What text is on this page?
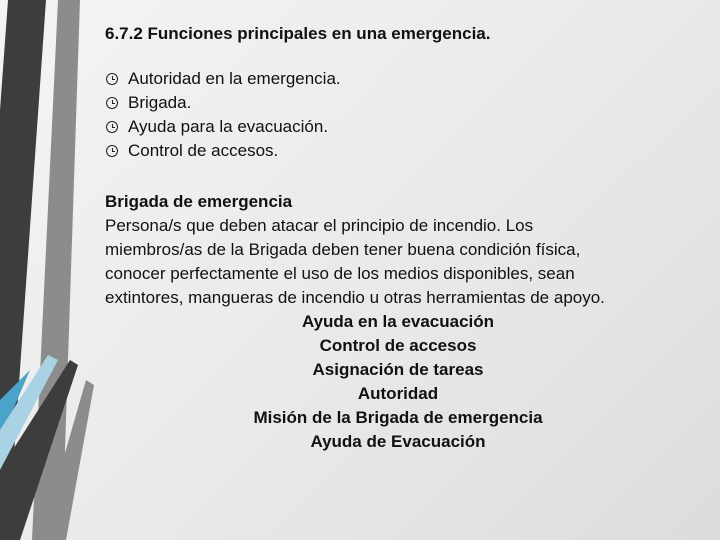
6.7.2 Funciones principales en una emergencia.
Autoridad en la emergencia.
Brigada.
Ayuda para la evacuación.
Control de accesos.
Brigada de emergencia
Persona/s que deben atacar el principio de incendio. Los
miembros/as de la Brigada deben tener buena condición física,
conocer perfectamente el uso de los medios disponibles, sean
extintores, mangueras de incendio u otras herramientas de apoyo.
Ayuda en la evacuación
Control de accesos
Asignación de tareas
Autoridad
Misión de la Brigada de emergencia
Ayuda de Evacuación
